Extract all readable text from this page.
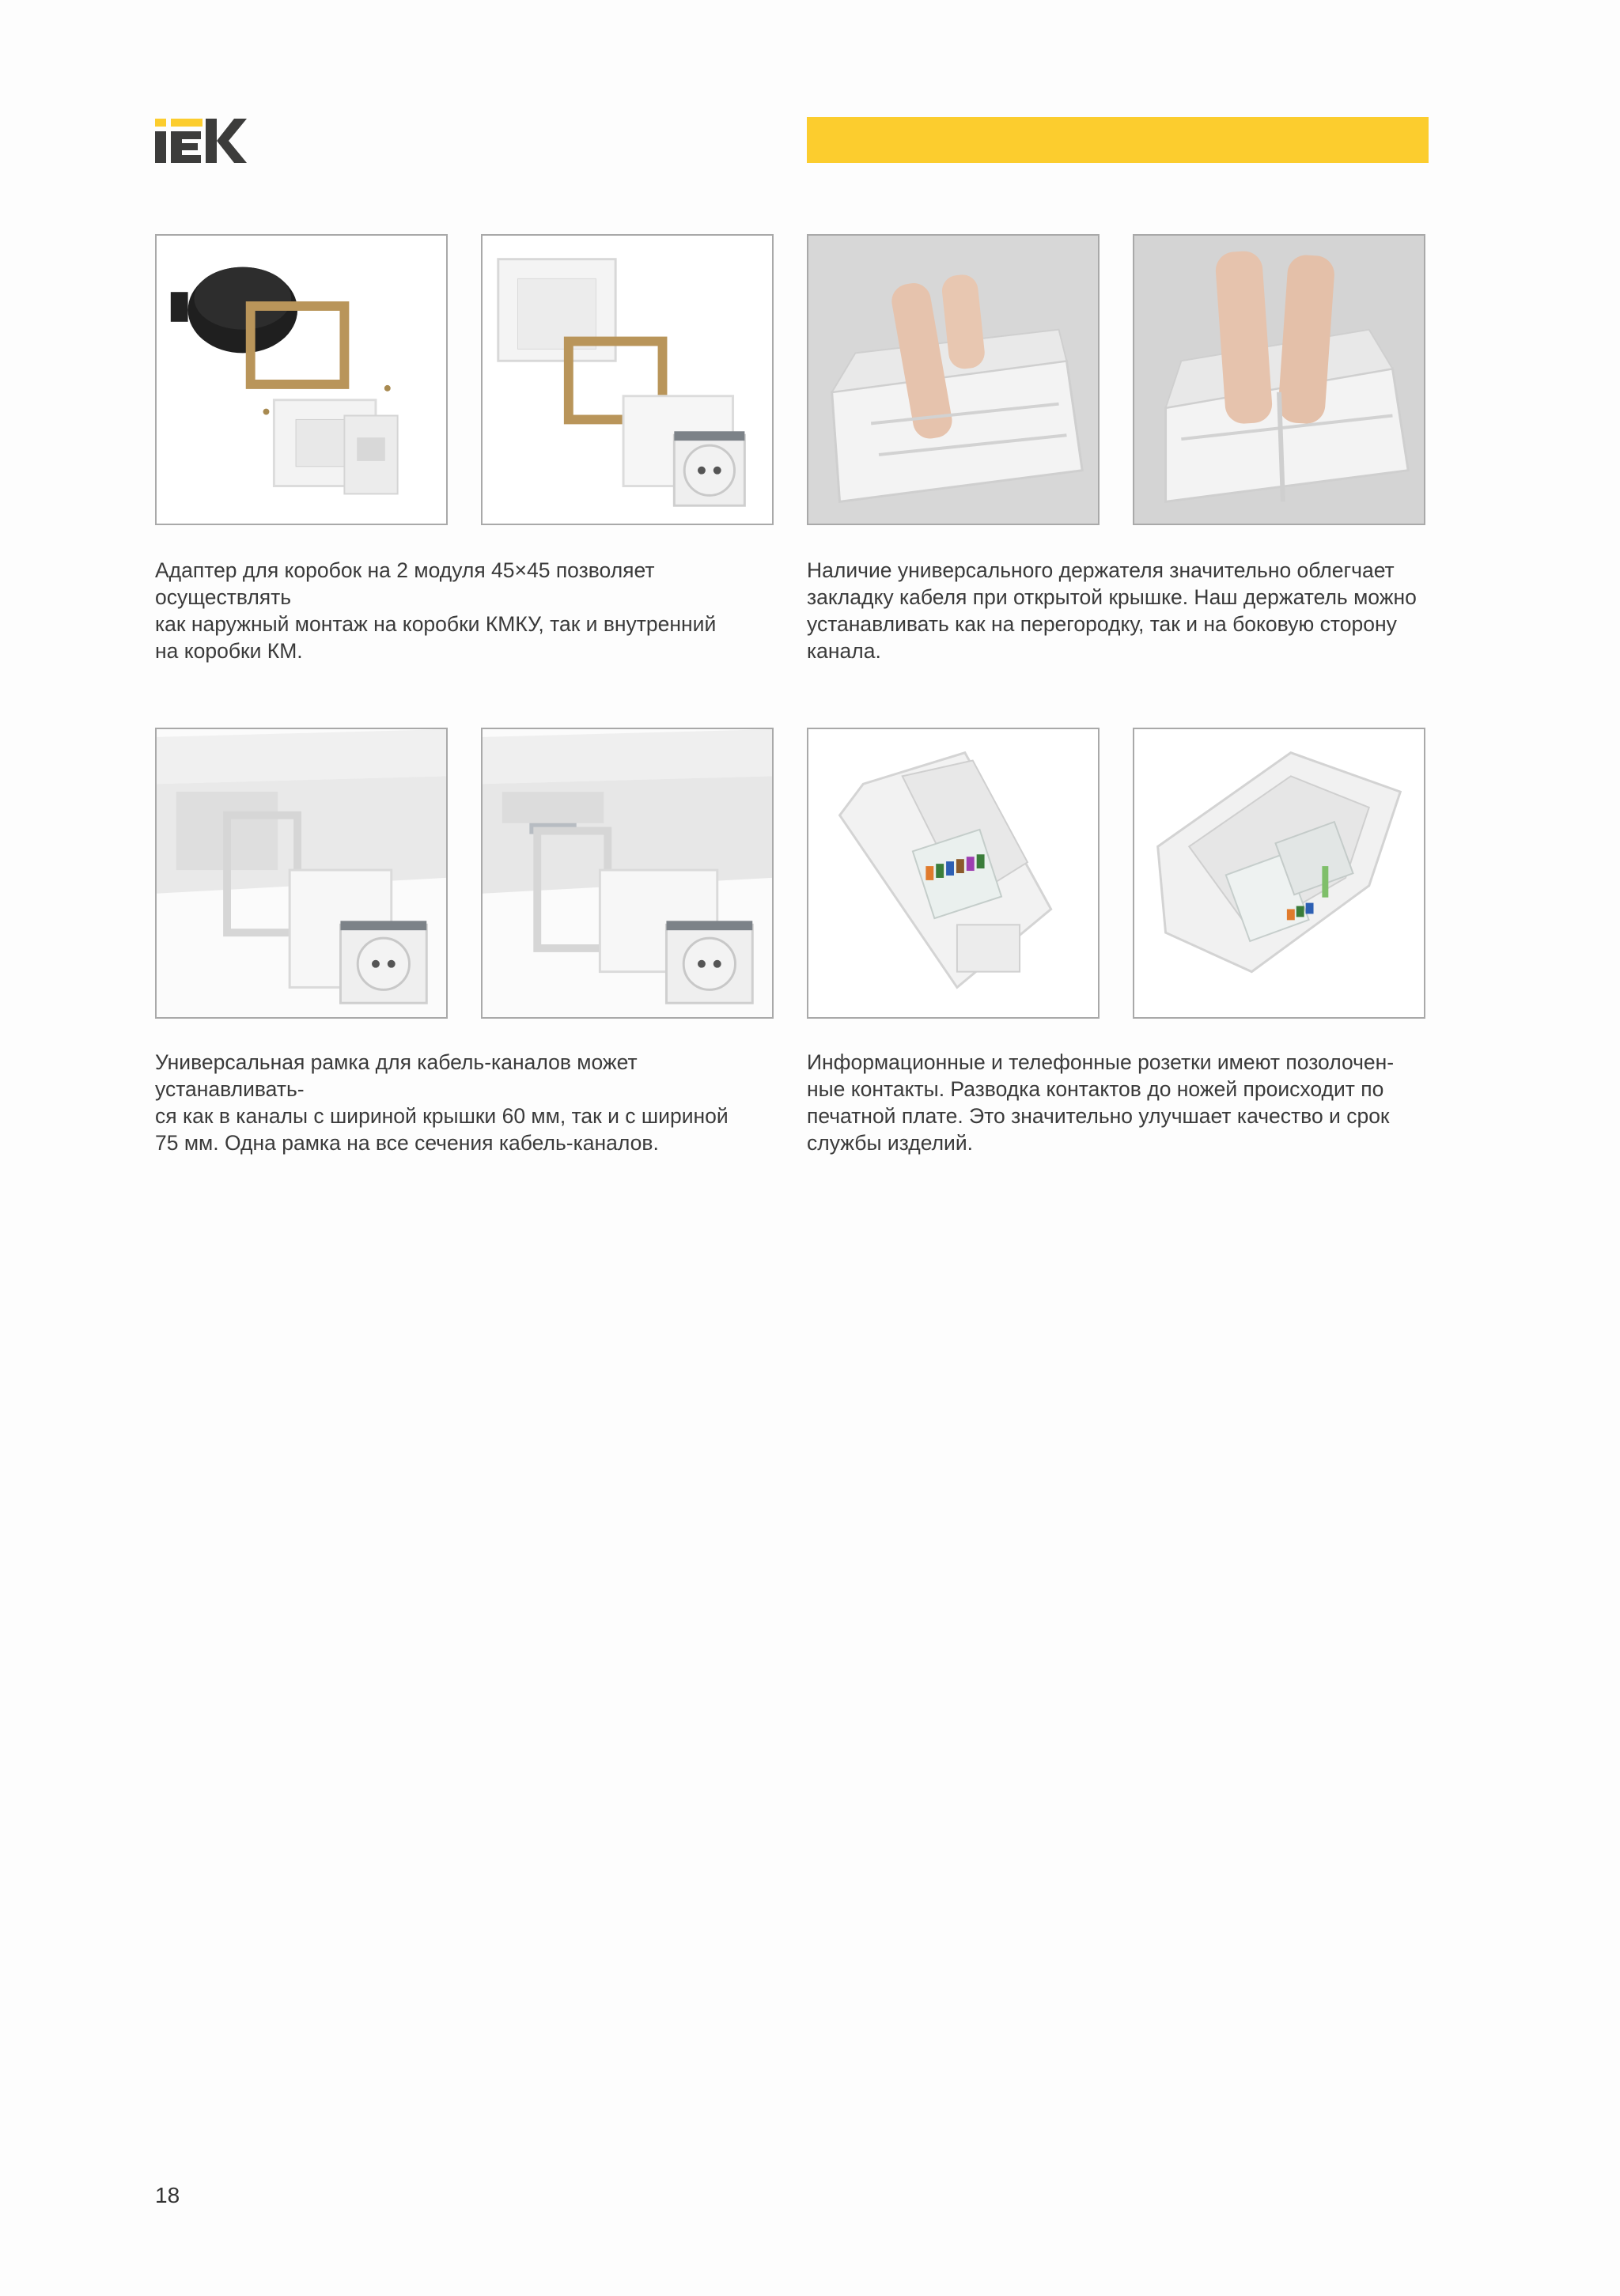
Адаптер для коробок на 2 модуля 45×45 позволяет осуществлять
как наружный монтаж на коробки КМКУ, так и внутренний
на коробки КМ.

Наличие универсального держателя значительно облегчает
закладку кабеля при открытой крышке. Наш держатель можно
устанавливать как на перегородку, так и на боковую сторону
канала.

Универсальная рамка для кабель-каналов может устанавливать-
ся как в каналы с шириной крышки 60 мм, так и с шириной
75 мм. Одна рамка на все сечения кабель-каналов.

Информационные и телефонные розетки имеют позолочен-
ные контакты. Разводка контактов до ножей происходит по
печатной плате. Это значительно улучшает качество и срок
службы изделий.

18
